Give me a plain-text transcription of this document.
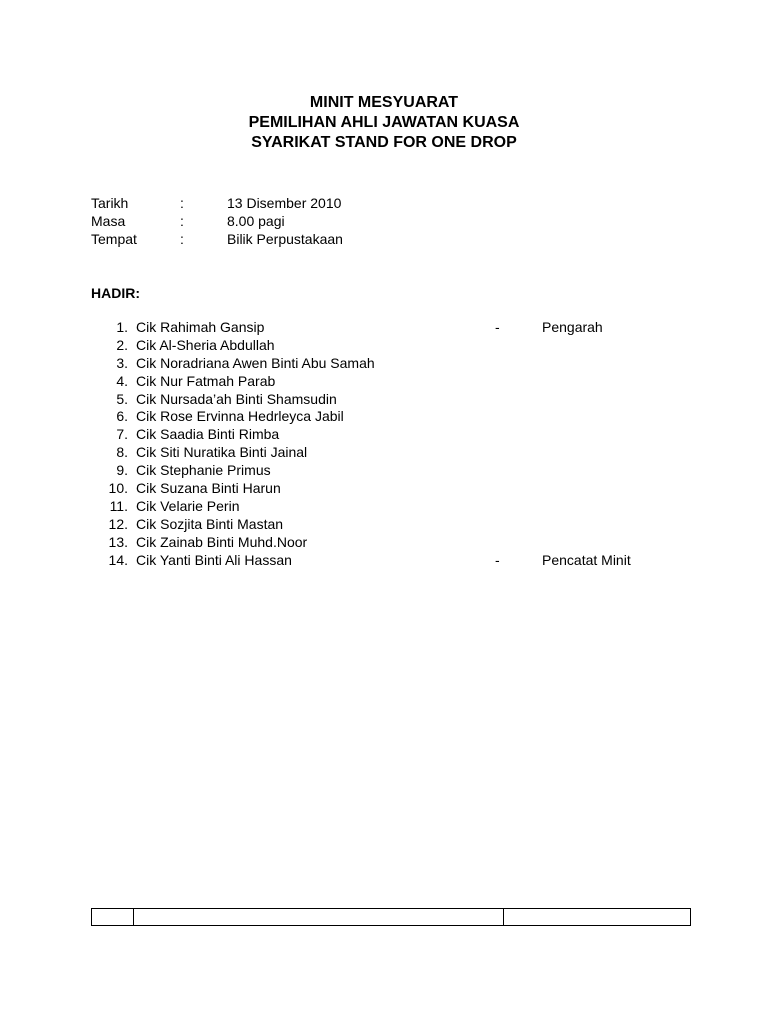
MINIT MESYUARAT

PEMILIHAN AHLI JAWATAN KUASA

SYARIKAT STAND FOR ONE DROP

Tarikh	:	13 Disember 2010
Masa	:	8.00 pagi
Tempat	:	Bilik Perpustakaan
HADIR:
1. Cik Rahimah Gansip	-	Pengarah
2. Cik Al-Sheria Abdullah
3. Cik Noradriana Awen Binti Abu Samah
4. Cik Nur Fatmah Parab
5. Cik Nursada’ah Binti Shamsudin
6. Cik Rose Ervinna Hedrleyca Jabil
7. Cik Saadia Binti Rimba
8. Cik Siti Nuratika Binti Jainal
9. Cik Stephanie Primus
10. Cik Suzana Binti Harun
11. Cik Velarie Perin
12. Cik Sozjita Binti Mastan
13. Cik Zainab Binti Muhd.Noor
14. Cik Yanti Binti Ali Hassan	-	Pencatat Minit
